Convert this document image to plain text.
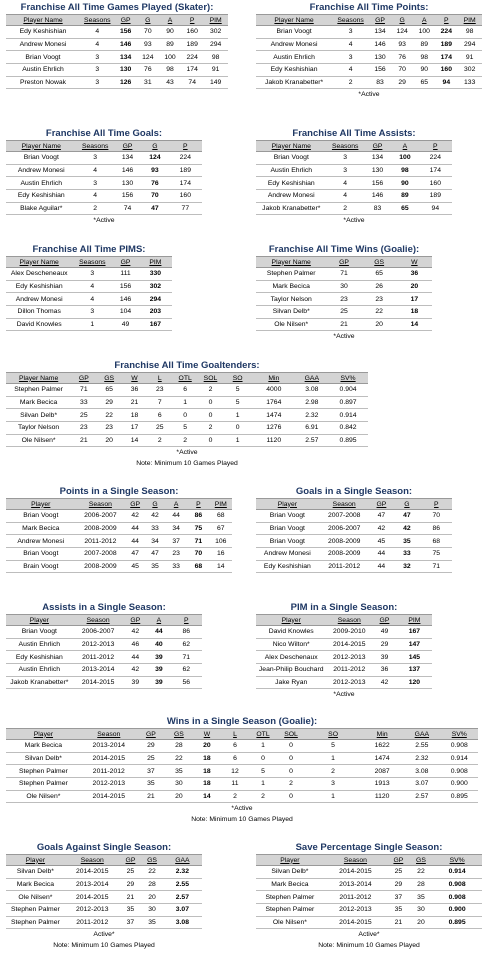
Franchise All Time Games Played (Skater):
Player Name	Seasons	GP	G	A	P	PIM
Edy Keshishian	4	156	70	90	160	302
Andrew Monesi	4	146	93	89	189	294
Brian Voogt	3	134	124	100	224	98
Austin Ehrlich	3	130	76	98	174	91
Preston Nowak	3	126	31	43	74	149
Franchise All Time Points:
Player Name	Seasons	GP	G	A	P	PIM
Brian Voogt	3	134	124	100	224	98
Andrew Monesi	4	146	93	89	189	294
Austin Ehrlich	3	130	76	98	174	91
Edy Keshishian	4	156	70	90	160	302
Jakob Kranabetter*	2	83	29	65	94	133
*Active
Franchise All Time Goals:
Player Name	Seasons	GP	G	P
Brian Voogt	3	134	124	224
Andrew Monesi	4	146	93	189
Austin Ehrlich	3	130	76	174
Edy Keshishian	4	156	70	160
Blake Aguilar*	2	74	47	77
*Active
Franchise All Time Assists:
Player Name	Seasons	GP	A	P
Brian Voogt	3	134	100	224
Austin Ehrlich	3	130	98	174
Edy Keshishian	4	156	90	160
Andrew Monesi	4	146	89	189
Jakob Kranabetter*	2	83	65	94
*Active
Franchise All Time PIMS:
Player Name	Seasons	GP	PIM
Alex Descheneaux	3	111	330
Edy Keshishian	4	156	302
Andrew Monesi	4	146	294
Dillon Thomas	3	104	203
David Knowles	1	49	167
Franchise All Time Wins (Goalie):
Player Name	GP	GS	W
Stephen Palmer	71	65	36
Mark Becica	30	26	20
Taylor Nelson	23	23	17
Silvan Delb*	25	22	18
Ole Nilsen*	21	20	14
*Active
Franchise All Time Goaltenders:
Player Name	GP	GS	W	L	OTL	SOL	SO	Min	GAA	SV%
Stephen Palmer	71	65	36	23	6	2	5	4000	3.08	0.904
Mark Becica	33	29	21	7	1	0	5	1764	2.98	0.897
Silvan Delb*	25	22	18	6	0	0	1	1474	2.32	0.914
Taylor Nelson	23	23	17	25	5	2	0	1276	6.91	0.842
Ole Nilsen*	21	20	14	2	2	0	1	1120	2.57	0.895
*Active
Note: Minimum 10 Games Played
Points in a Single Season:
Player	Season	GP	G	A	P	PIM
Brian Voogt	2006-2007	42	42	44	86	68
Mark Becica	2008-2009	44	33	34	75	67
Andrew Monesi	2011-2012	44	34	37	71	106
Brian Voogt	2007-2008	47	47	23	70	16
Brain Voogt	2008-2009	45	35	33	68	14
Goals in a Single Season:
Player	Season	GP	G	P
Brian Voogt	2007-2008	47	47	70
Brian Voogt	2006-2007	42	42	86
Brian Voogt	2008-2009	45	35	68
Andrew Monesi	2008-2009	44	33	75
Edy Keshishian	2011-2012	44	32	71
Assists in a Single Season:
Player	Season	GP	A	P
Brian Voogt	2006-2007	42	44	86
Austin Ehrlich	2012-2013	46	40	62
Edy Keshishian	2011-2012	44	39	71
Austin Ehrlich	2013-2014	42	39	62
Jakob Kranabetter*	2014-2015	39	39	56
PIM in a Single Season:
Player	Season	GP	PIM
David Knowles	2009-2010	49	167
Nico Wilton*	2014-2015	29	147
Alex Deschenaux	2012-2013	39	145
Jean-Philip Bouchard	2011-2012	36	137
Jake Ryan	2012-2013	42	120
*Active
Wins in a Single Season (Goalie):
Player	Season	GP	GS	W	L	OTL	SOL	SO	Min	GAA	SV%
Mark Becica	2013-2014	29	28	20	6	1	0	5	1622	2.55	0.908
Silvan Delb*	2014-2015	25	22	18	6	0	0	1	1474	2.32	0.914
Stephen Palmer	2011-2012	37	35	18	12	5	0	2	2087	3.08	0.908
Stephen Palmer	2012-2013	35	30	18	11	1	2	3	1913	3.07	0.900
Ole Nilsen*	2014-2015	21	20	14	2	2	0	1	1120	2.57	0.895
*Active
Note: Minimum 10 Games Played
Goals Against Single Season:
Player	Season	GP	GS	GAA
Silvan Delb*	2014-2015	25	22	2.32
Mark Becica	2013-2014	29	28	2.55
Ole Nilsen*	2014-2015	21	20	2.57
Stephen Palmer	2012-2013	35	30	3.07
Stephen Palmer	2011-2012	37	35	3.08
Active*
Note: Minimum 10 Games Played
Save Percentage Single Season:
Player	Season	GP	GS	SV%
Silvan Delb*	2014-2015	25	22	0.914
Mark Becica	2013-2014	29	28	0.908
Stephen Palmer	2011-2012	37	35	0.908
Stephen Palmer	2012-2013	35	30	0.900
Ole Nilsen*	2014-2015	21	20	0.895
Active*
Note: Minimum 10 Games Played
